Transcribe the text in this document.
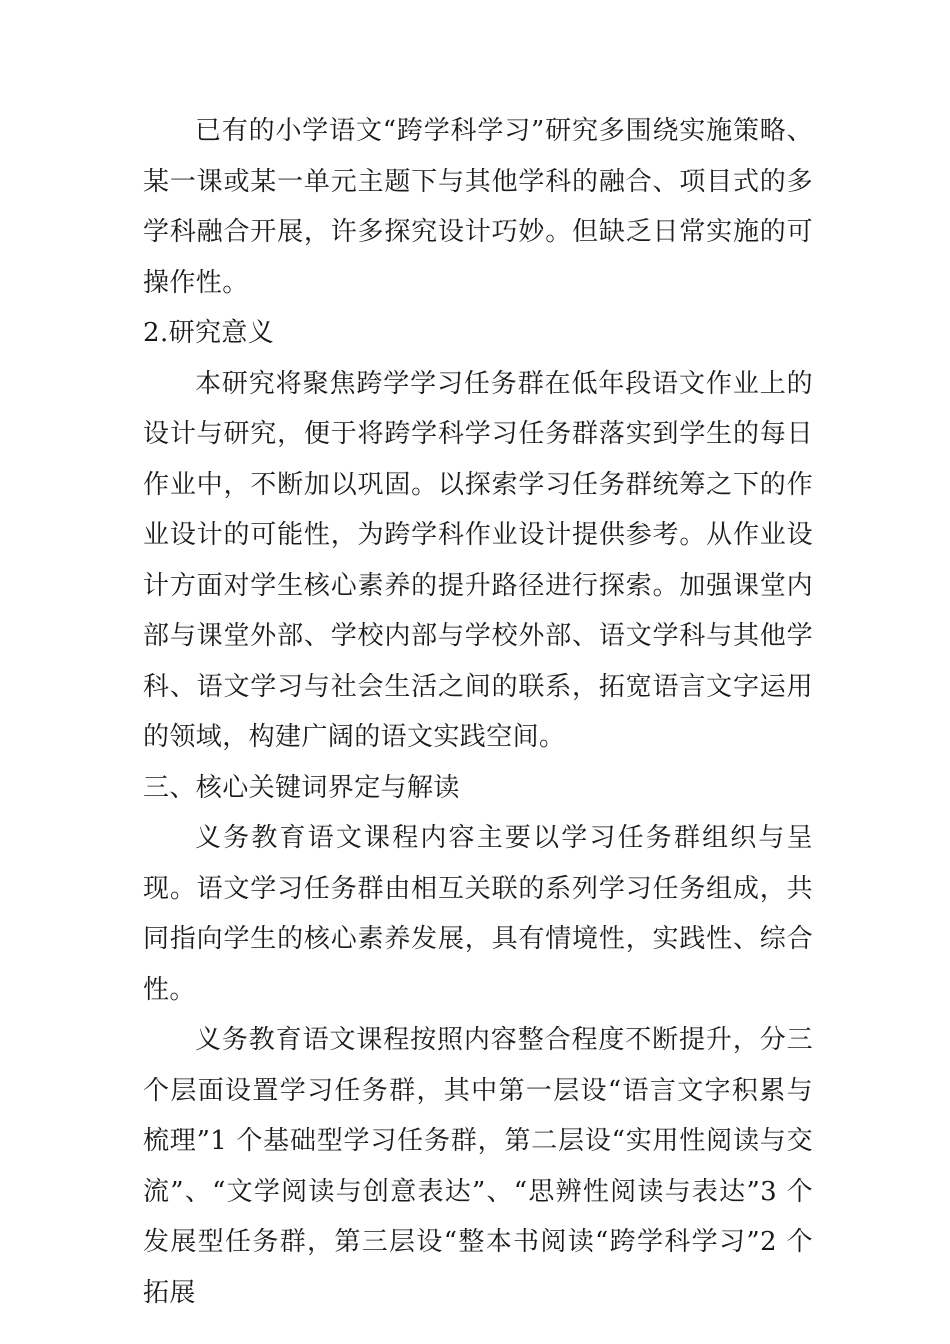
已有的小学语文“跨学科学习”研究多围绕实施策略、某一课或某一单元主题下与其他学科的融合、项目式的多学科融合开展，许多探究设计巧妙。但缺乏日常实施的可操作性。

2.研究意义

本研究将聚焦跨学学习任务群在低年段语文作业上的设计与研究，便于将跨学科学习任务群落实到学生的每日作业中，不断加以巩固。以探索学习任务群统筹之下的作业设计的可能性，为跨学科作业设计提供参考。从作业设计方面对学生核心素养的提升路径进行探索。加强课堂内部与课堂外部、学校内部与学校外部、语文学科与其他学科、语文学习与社会生活之间的联系，拓宽语言文字运用的领域，构建广阔的语文实践空间。

三、核心关键词界定与解读

义务教育语文课程内容主要以学习任务群组织与呈现。语文学习任务群由相互关联的系列学习任务组成，共同指向学生的核心素养发展，具有情境性，实践性、综合性。

义务教育语文课程按照内容整合程度不断提升，分三个层面设置学习任务群，其中第一层设“语言文字积累与梳理”1 个基础型学习任务群，第二层设“实用性阅读与交流”、“文学阅读与创意表达”、“思辨性阅读与表达”3 个发展型任务群，第三层设“整本书阅读“跨学科学习”2 个拓展
